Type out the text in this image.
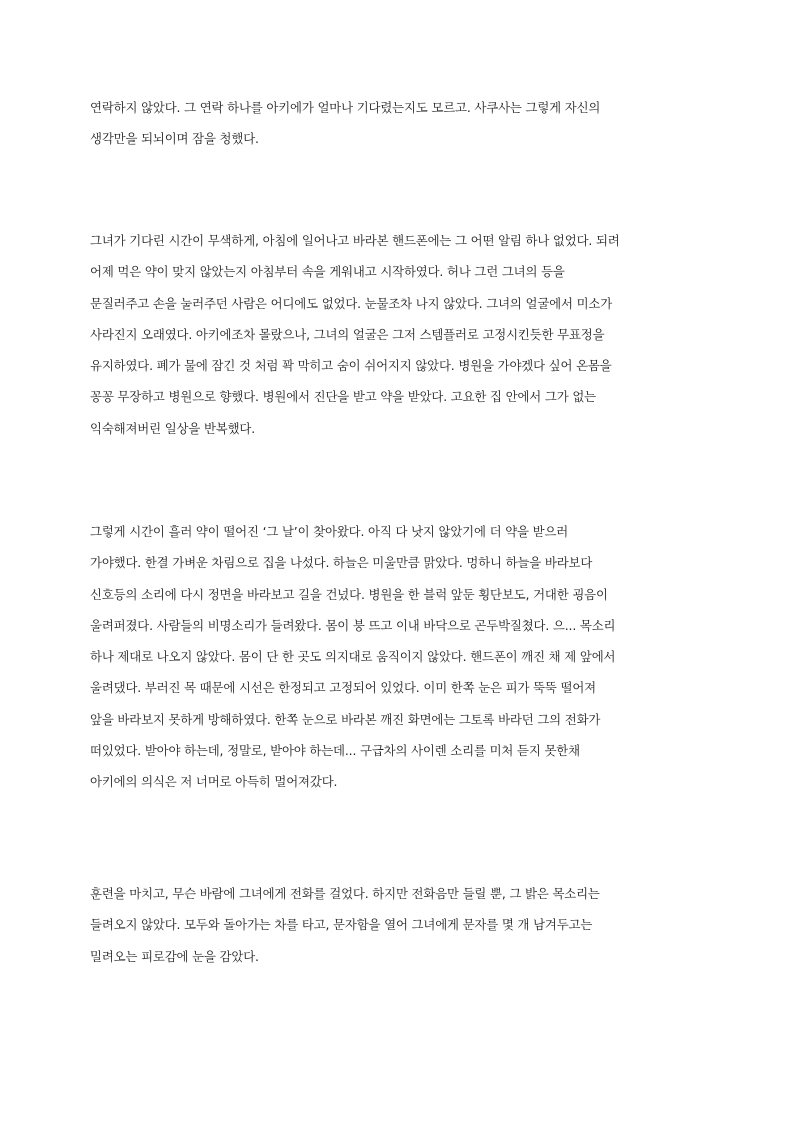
연락하지 않았다. 그 연락 하나를 아키에가 얼마나 기다렸는지도 모르고. 사쿠사는 그렇게 자신의
생각만을 되뇌이며 잠을 청했다.

그녀가 기다린 시간이 무색하게, 아침에 일어나고 바라본 핸드폰에는 그 어떤 알림 하나 없었다. 되려
어제 먹은 약이 맞지 않았는지 아침부터 속을 게워내고 시작하였다. 허나 그런 그녀의 등을
문질러주고 손을 눌러주던 사람은 어디에도 없었다. 눈물조차 나지 않았다. 그녀의 얼굴에서 미소가
사라진지 오래였다. 아키에조차 몰랐으나, 그녀의 얼굴은 그저 스템플러로 고정시킨듯한 무표정을
유지하였다. 폐가 물에 잠긴 것 처럼 꽉 막히고 숨이 쉬어지지 않았다. 병원을 가야겠다 싶어 온몸을
꽁꽁 무장하고 병원으로 향했다. 병원에서 진단을 받고 약을 받았다. 고요한 집 안에서 그가 없는
익숙해져버린 일상을 반복했다.

그렇게 시간이 흘러 약이 떨어진 ‘그 날’이 찾아왔다. 아직 다 낫지 않았기에 더 약을 받으러
가야했다. 한결 가벼운 차림으로 집을 나섰다. 하늘은 미울만큼 맑았다. 멍하니 하늘을 바라보다
신호등의 소리에 다시 정면을 바라보고 길을 건넜다. 병원을 한 블럭 앞둔 횡단보도, 거대한 굉음이
울려퍼졌다. 사람들의 비명소리가 들려왔다. 몸이 붕 뜨고 이내 바닥으로 곤두박질쳤다. 으... 목소리
하나 제대로 나오지 않았다. 몸이 단 한 곳도 의지대로 움직이지 않았다. 핸드폰이 깨진 채 제 앞에서
울려댔다. 부러진 목 때문에 시선은 한정되고 고정되어 있었다. 이미 한쪽 눈은 피가 뚝뚝 떨어져
앞을 바라보지 못하게 방해하였다. 한쪽 눈으로 바라본 깨진 화면에는 그토록 바라던 그의 전화가
떠있었다. 받아야 하는데, 정말로, 받아야 하는데... 구급차의 사이렌 소리를 미처 듣지 못한채
아키에의 의식은 저 너머로 아득히 멀어져갔다.

훈련을 마치고, 무슨 바람에 그녀에게 전화를 걸었다. 하지만 전화음만 들릴 뿐, 그 밝은 목소리는
들려오지 않았다. 모두와 돌아가는 차를 타고, 문자함을 열어 그녀에게 문자를 몇 개 남겨두고는
밀려오는 피로감에 눈을 감았다.
